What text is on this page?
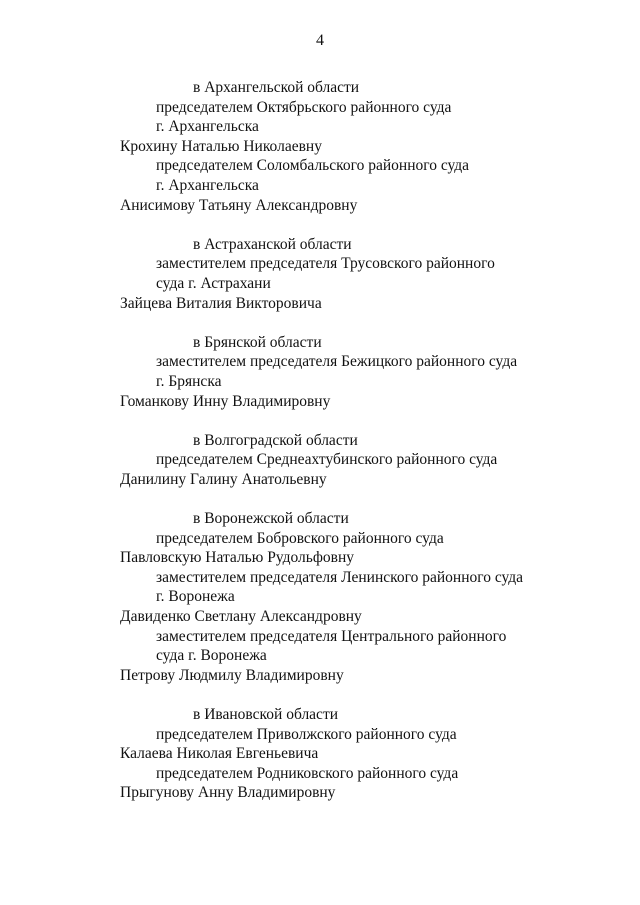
4
в Архангельской области
председателем Октябрьского районного суда
г. Архангельска
Крохину Наталью Николаевну
председателем Соломбальского районного суда
г. Архангельска
Анисимову Татьяну Александровну
в Астраханской области
заместителем председателя Трусовского районного
суда г. Астрахани
Зайцева Виталия Викторовича
в Брянской области
заместителем председателя Бежицкого районного суда
г. Брянска
Гоманкову Инну Владимировну
в Волгоградской области
председателем Среднеахтубинского районного суда
Данилину Галину Анатольевну
в Воронежской области
председателем Бобровского районного суда
Павловскую Наталью Рудольфовну
заместителем председателя Ленинского районного суда
г. Воронежа
Давиденко Светлану Александровну
заместителем председателя Центрального районного
суда г. Воронежа
Петрову Людмилу Владимировну
в Ивановской области
председателем Приволжского районного суда
Калаева Николая Евгеньевича
председателем Родниковского районного суда
Прыгунову Анну Владимировну
